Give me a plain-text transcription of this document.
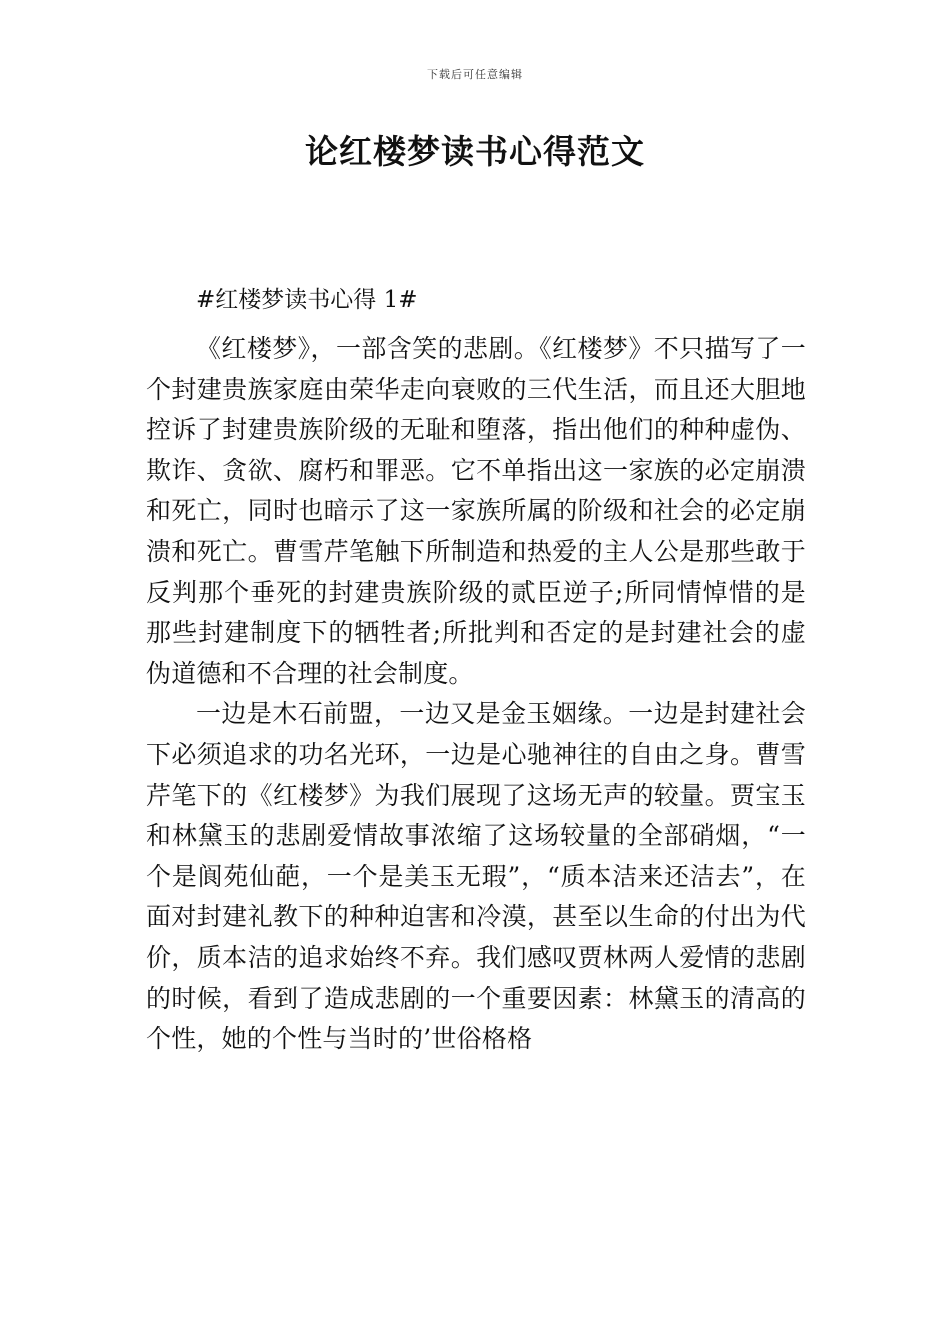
下载后可任意编辑
论红楼梦读书心得范文

#红楼梦读书心得 1#

《红楼梦》，一部含笑的悲剧。《红楼梦》不只描写了一个封建贵族家庭由荣华走向衰败的三代生活，而且还大胆地控诉了封建贵族阶级的无耻和堕落，指出他们的种种虚伪、欺诈、贪欲、腐朽和罪恶。它不单指出这一家族的必定崩溃和死亡，同时也暗示了这一家族所属的阶级和社会的必定崩溃和死亡。曹雪芹笔触下所制造和热爱的主人公是那些敢于反判那个垂死的封建贵族阶级的贰臣逆子;所同情悼惜的是那些封建制度下的牺牲者;所批判和否定的是封建社会的虚伪道德和不合理的社会制度。

一边是木石前盟，一边又是金玉姻缘。一边是封建社会下必须追求的功名光环，一边是心驰神往的自由之身。曹雪芹笔下的《红楼梦》为我们展现了这场无声的较量。贾宝玉和林黛玉的悲剧爱情故事浓缩了这场较量的全部硝烟，“一个是阆苑仙葩，一个是美玉无瑕”，“质本洁来还洁去”，在面对封建礼教下的种种迫害和冷漠，甚至以生命的付出为代价，质本洁的追求始终不弃。我们感叹贾林两人爱情的悲剧的时候，看到了造成悲剧的一个重要因素：林黛玉的清高的个性，她的个性与当时的’世俗格格
